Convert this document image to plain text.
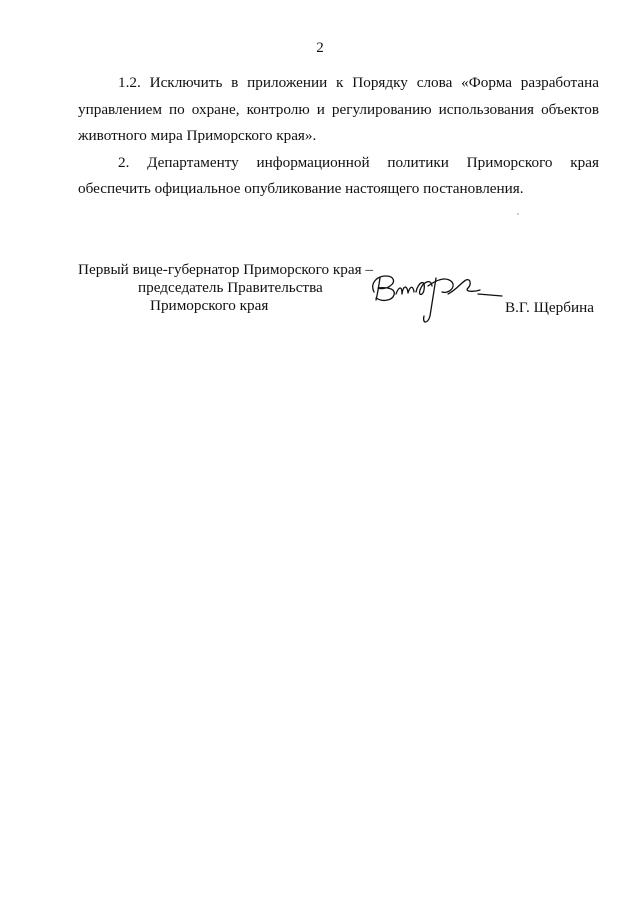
2

1.2. Исключить в приложении к Порядку слова «Форма разработана управлением по охране, контролю и регулированию использования объектов животного мира Приморского края».

2. Департаменту информационной политики Приморского края
обеспечить официальное опубликование настоящего постановления.
Первый вице-губернатор Приморского края –
председатель Правительства
Приморского края	В.Г. Щербина
